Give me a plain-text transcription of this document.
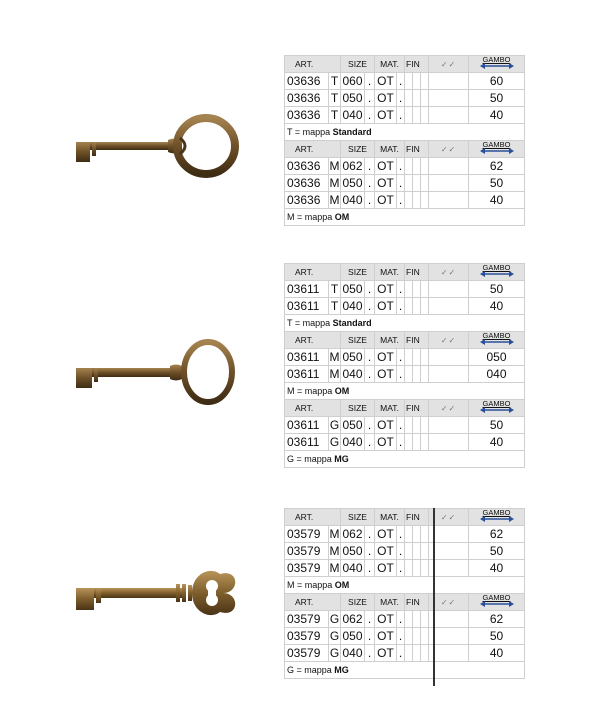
ART.		SIZE		MAT.		FIN			✓✓	GAMBO

03636	T	060	.	OT	.					60
03636	T	050	.	OT	.					50
03636	T	040	.	OT	.					40
T = mappa Standard										
ART.		SIZE		MAT.		FIN			✓✓	GAMBO

03636	M	062	.	OT	.					62
03636	M	050	.	OT	.					50
03636	M	040	.	OT	.					40
M = mappa OM										
ART.		SIZE		MAT.		FIN			✓✓	GAMBO

03611	T	050	.	OT	.					50
03611	T	040	.	OT	.					40
T = mappa Standard										
ART.		SIZE		MAT.		FIN			✓✓	GAMBO

03611	M	050	.	OT	.					050
03611	M	040	.	OT	.					040
M = mappa OM										
ART.		SIZE		MAT.		FIN			✓✓	GAMBO

03611	G	050	.	OT	.					50
03611	G	040	.	OT	.					40
G = mappa MG										
ART.		SIZE		MAT.		FIN			✓✓	GAMBO

03579	M	062	.	OT	.					62
03579	M	050	.	OT	.					50
03579	M	040	.	OT	.					40
M = mappa OM										
ART.		SIZE		MAT.		FIN			✓✓	GAMBO

03579	G	062	.	OT	.					62
03579	G	050	.	OT	.					50
03579	G	040	.	OT	.					40
G = mappa MG										
